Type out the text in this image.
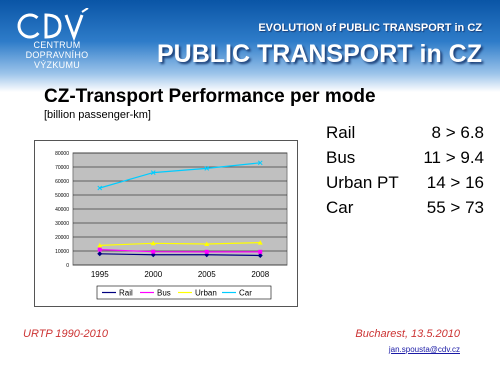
CENTRUM
DOPRAVNÍHO
VÝZKUMU
EVOLUTION of PUBLIC TRANSPORT in CZ
PUBLIC TRANSPORT in CZ
CZ-Transport Performance per mode
[billion passenger-km]
0
10000
20000
30000
40000
50000
60000
70000
80000
1995	2000	2005	2008
Rail	Bus	Urban	Car
Rail	8 > 6.8
Bus	11 > 9.4
Urban PT 14 > 16
Car	55 > 73
URTP 1990-2010	Bucharest, 13.5.2010
jan.spousta@cdv.cz
